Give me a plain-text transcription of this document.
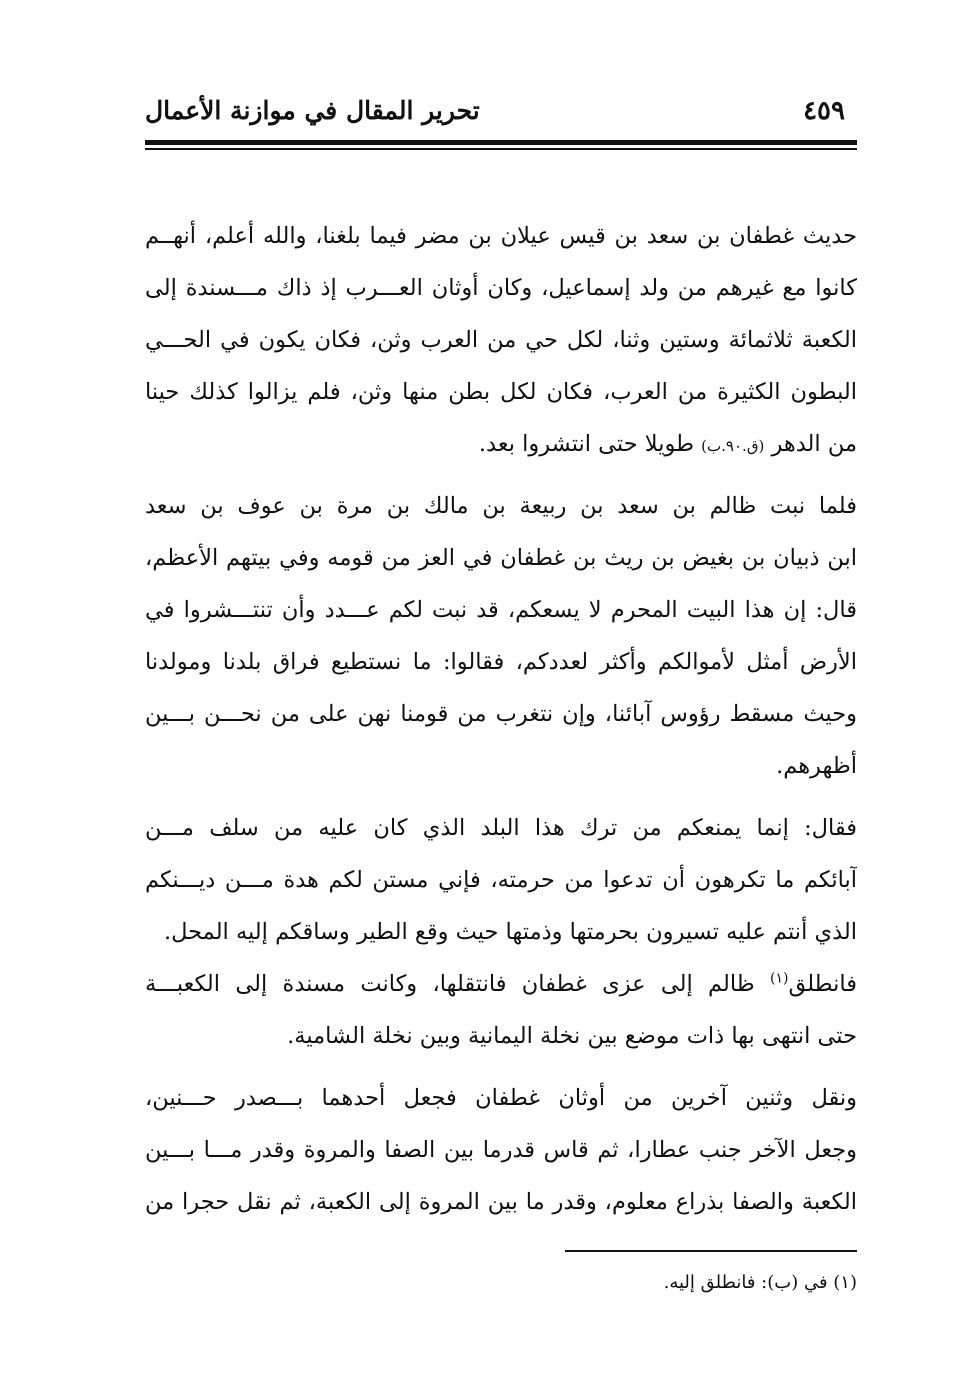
٤٥٩
تحرير المقال في موازنة الأعمال
حديث غطفان بن سعد بن قيس عيلان بن مضر فيما بلغنا، والله أعلم، أنهــم
كانوا مع غيرهم من ولد إسماعيل، وكان أوثان العـــرب إذ ذاك مـــسندة إلى
الكعبة ثلاثمائة وستين وثنا، لكل حي من العرب وثن، فكان يكون في الحـــي
البطون الكثيرة من العرب، فكان لكل بطن منها وثن، فلم يزالوا كذلك حينا
من الدهر (ق.٩٠.ب) طويلا حتى انتشروا بعد.
فلما نبت ظالم بن سعد بن ربيعة بن مالك بن مرة بن عوف بن سعد
ابن ذبيان بن بغيض بن ريث بن غطفان في العز من قومه وفي بيتهم الأعظم،
قال: إن هذا البيت المحرم لا يسعكم، قد نبت لكم عـــدد وأن تنتـــشروا في
الأرض أمثل لأموالكم وأكثر لعددكم، فقالوا: ما نستطيع فراق بلدنا ومولدنا
وحيث مسقط رؤوس آبائنا، وإن نتغرب من قومنا نهن على من نحـــن بـــين
أظهرهم.
فقال: إنما يمنعكم من ترك هذا البلد الذي كان عليه من سلف مـــن
آبائكم ما تكرهون أن تدعوا من حرمته، فإني مستن لكم هدة مـــن ديـــنكم
الذي أنتم عليه تسيرون بحرمتها وذمتها حيث وقع الطير وساقكم إليه المحل.
فانطلق$^{(١)}$ ظالم إلى عزى غطفان فانتقلها، وكانت مسندة إلى الكعبـــة
حتى انتهى بها ذات موضع بين نخلة اليمانية وبين نخلة الشامية.
ونقل وثنين آخرين من أوثان غطفان فجعل أحدهما بـــصدر حـــنين،
وجعل الآخر جنب عطارا، ثم قاس قدرما بين الصفا والمروة وقدر مـــا بـــين
الكعبة والصفا بذراع معلوم، وقدر ما بين المروة إلى الكعبة، ثم نقل حجرا من
(١) في (ب): فانطلق إليه.
